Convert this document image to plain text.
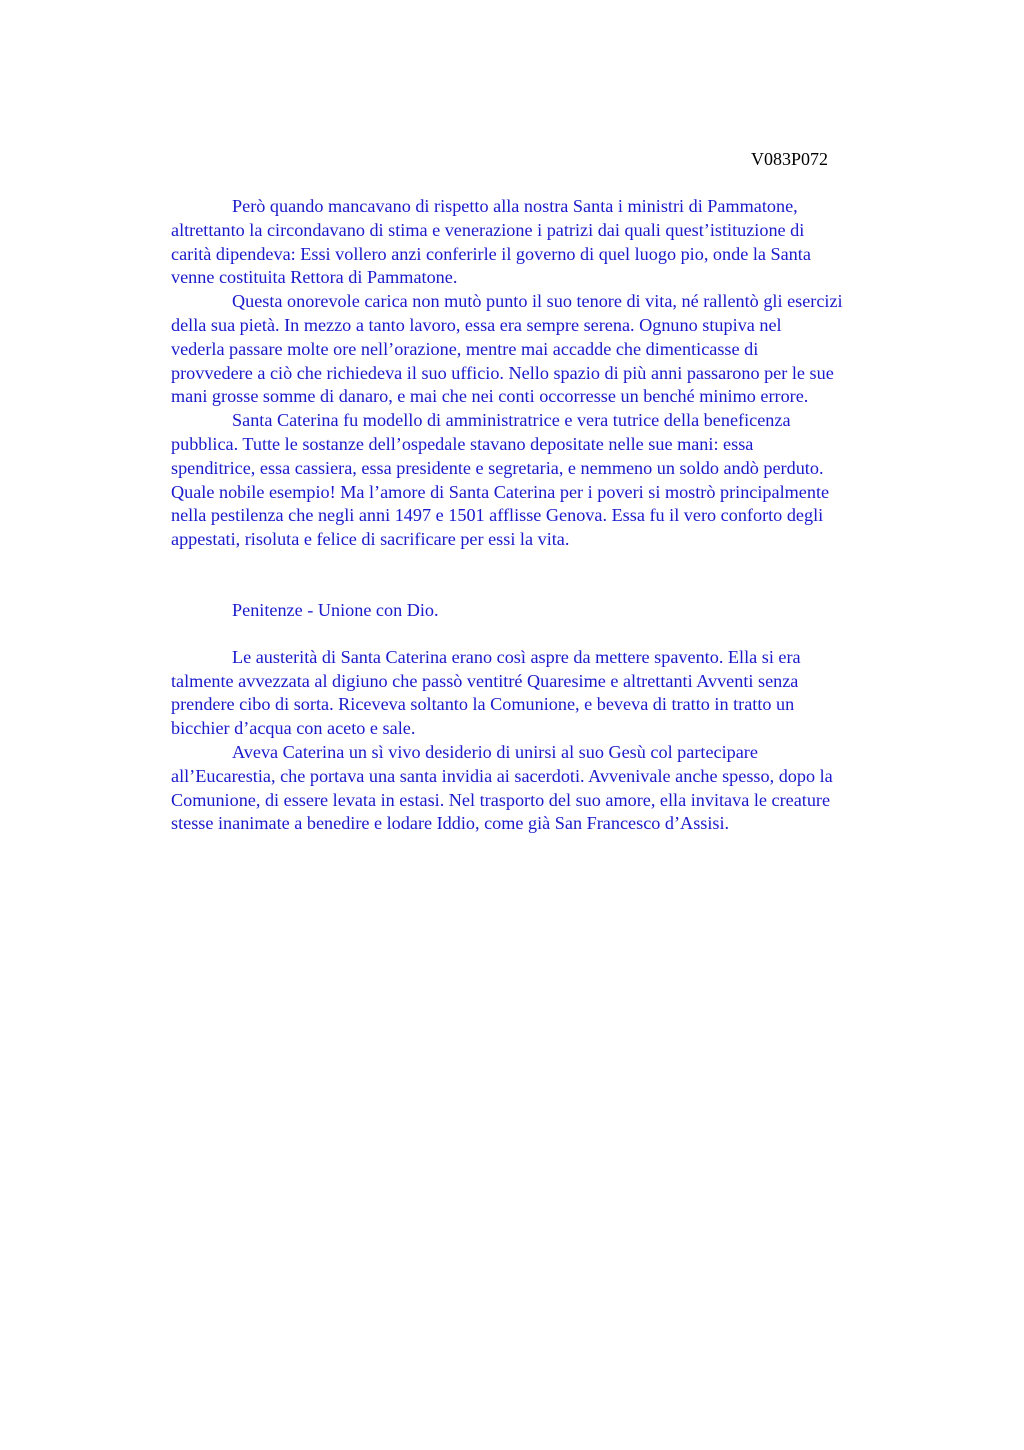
V083P072

Però quando mancavano di rispetto alla nostra Santa i ministri di Pammatone,
altrettanto la circondavano di stima e venerazione i patrizi dai quali quest’istituzione di
carità dipendeva: Essi vollero anzi conferirle il governo di quel luogo pio, onde la Santa
venne costituita Rettora di Pammatone.

Questa onorevole carica non mutò punto il suo tenore di vita, né rallentò gli esercizi
della sua pietà. In mezzo a tanto lavoro, essa era sempre serena. Ognuno stupiva nel
vederla passare molte ore nell’orazione, mentre mai accadde che dimenticasse di
provvedere a ciò che richiedeva il suo ufficio. Nello spazio di più anni passarono per le sue
mani grosse somme di danaro, e mai che nei conti occorresse un benché minimo errore.

Santa Caterina fu modello di amministratrice e vera tutrice della beneficenza
pubblica. Tutte le sostanze dell’ospedale stavano depositate nelle sue mani: essa
spenditrice, essa cassiera, essa presidente e segretaria, e nemmeno un soldo andò perduto.
Quale nobile esempio! Ma l’amore di Santa Caterina per i poveri si mostrò principalmente
nella pestilenza che negli anni 1497 e 1501 afflisse Genova. Essa fu il vero conforto degli
appestati, risoluta e felice di sacrificare per essi la vita.

Penitenze - Unione con Dio.

Le austerità di Santa Caterina erano così aspre da mettere spavento. Ella si era
talmente avvezzata al digiuno che passò ventitré Quaresime e altrettanti Avventi senza
prendere cibo di sorta. Riceveva soltanto la Comunione, e beveva di tratto in tratto un
bicchier d’acqua con aceto e sale.

Aveva Caterina un sì vivo desiderio di unirsi al suo Gesù col partecipare
all’Eucarestia, che portava una santa invidia ai sacerdoti. Avvenivale anche spesso, dopo la
Comunione, di essere levata in estasi. Nel trasporto del suo amore, ella invitava le creature
stesse inanimate a benedire e lodare Iddio, come già San Francesco d’Assisi.
